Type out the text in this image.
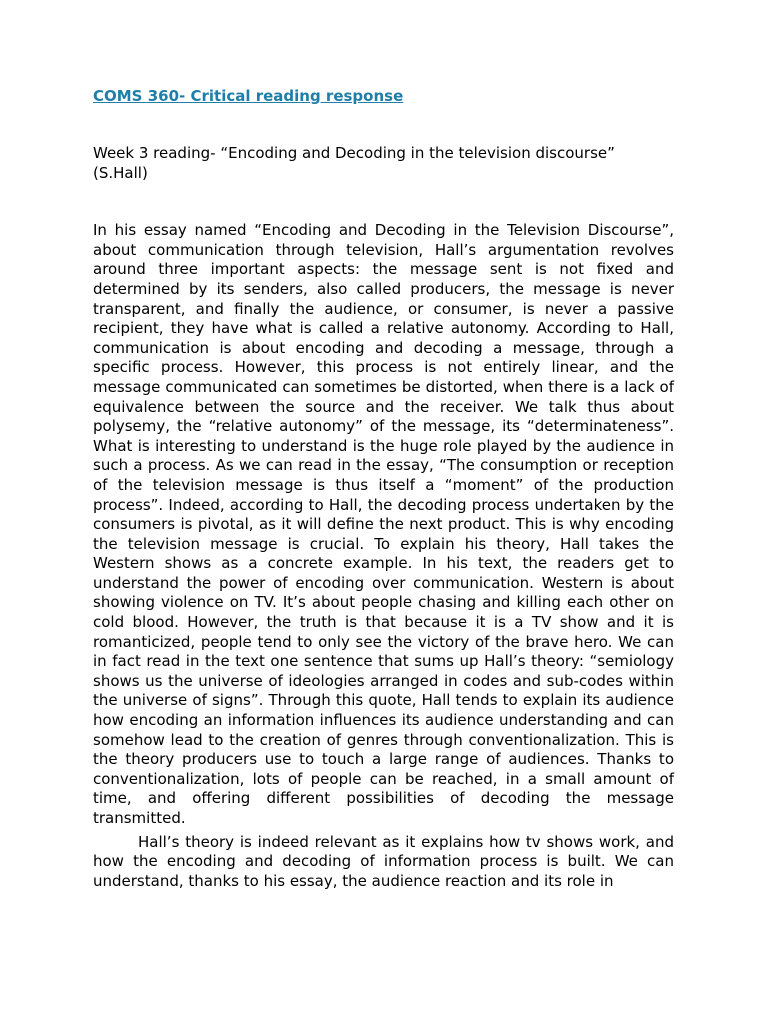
COMS 360- Critical reading response

Week 3 reading- “Encoding and Decoding in the television discourse”
(S.Hall)

In his essay named “Encoding and Decoding in the Television Discourse”, about communication through television, Hall’s argumentation revolves around three important aspects: the message sent is not fixed and determined by its senders, also called producers, the message is never transparent, and finally the audience, or consumer, is never a passive recipient, they have what is called a relative autonomy. According to Hall, communication is about encoding and decoding a message, through a specific process. However, this process is not entirely linear, and the message communicated can sometimes be distorted, when there is a lack of equivalence between the source and the receiver. We talk thus about polysemy, the “relative autonomy” of the message, its “determinateness”. What is interesting to understand is the huge role played by the audience in such a process. As we can read in the essay, “The consumption or reception of the television message is thus itself a “moment” of the production process”. Indeed, according to Hall, the decoding process undertaken by the consumers is pivotal, as it will define the next product. This is why encoding the television message is crucial. To explain his theory, Hall takes the Western shows as a concrete example. In his text, the readers get to understand the power of encoding over communication. Western is about showing violence on TV. It’s about people chasing and killing each other on cold blood. However, the truth is that because it is a TV show and it is romanticized, people tend to only see the victory of the brave hero. We can in fact read in the text one sentence that sums up Hall’s theory: “semiology shows us the universe of ideologies arranged in codes and sub-codes within the universe of signs”. Through this quote, Hall tends to explain its audience how encoding an information influences its audience understanding and can somehow lead to the creation of genres through conventionalization. This is the theory producers use to touch a large range of audiences. Thanks to conventionalization, lots of people can be reached, in a small amount of time, and offering different possibilities of decoding the message transmitted.

Hall’s theory is indeed relevant as it explains how tv shows work, and how the encoding and decoding of information process is built. We can understand, thanks to his essay, the audience reaction and its role in
